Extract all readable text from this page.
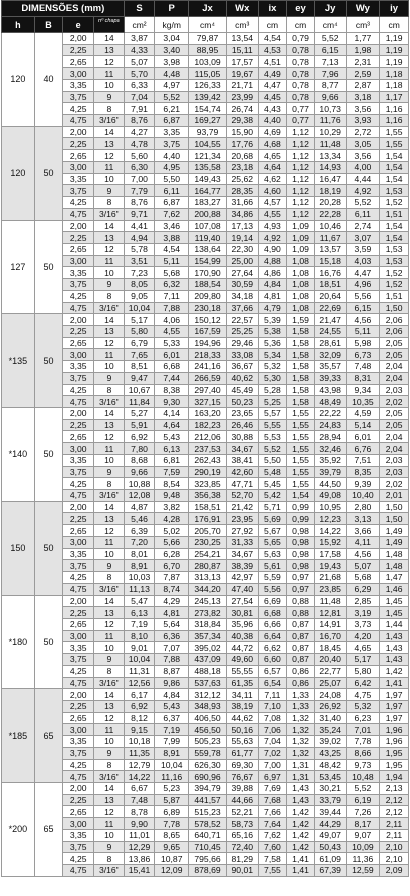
DIMENSÕES (mm)				S	P	Jx	Wx	ix	ey	Jy	Wy	iy
h	B	e	nº chapa									
				cm²	kg/m	cm⁴	cm³	cm	cm	cm⁴	cm³	cm
120	40	2,00	14	3,87	3,04	79,87	13,54	4,54	0,79	5,52	1,77	1,19
		2,25	13	4,33	3,40	88,95	15,11	4,53	0,78	6,15	1,98	1,19
		2,65	12	5,07	3,98	103,09	17,57	4,51	0,78	7,13	2,31	1,19
		3,00	11	5,70	4,48	115,05	19,67	4,49	0,78	7,96	2,59	1,18
		3,35	10	6,33	4,97	126,33	21,71	4,47	0,78	8,77	2,87	1,18
		3,75	9	7,04	5,52	139,42	23,99	4,45	0,78	9,66	3,18	1,17
		4,25	8	7,91	6,21	154,74	26,74	4,43	0,77	10,73	3,56	1,16
		4,75	3/16"	8,76	6,87	169,27	29,38	4,40	0,77	11,76	3,93	1,16
120	50	2,00	14	4,27	3,35	93,79	15,90	4,69	1,12	10,29	2,72	1,55
		2,25	13	4,78	3,75	104,55	17,76	4,68	1,12	11,48	3,05	1,55
		2,65	12	5,60	4,40	121,34	20,68	4,65	1,12	13,34	3,56	1,54
		3,00	11	6,30	4,95	135,58	23,18	4,64	1,12	14,93	4,00	1,54
		3,35	10	7,00	5,50	149,43	25,62	4,62	1,12	16,47	4,44	1,54
		3,75	9	7,79	6,11	164,77	28,35	4,60	1,12	18,19	4,92	1,53
		4,25	8	8,76	6,87	183,27	31,66	4,57	1,12	20,28	5,52	1,52
		4,75	3/16"	9,71	7,62	200,88	34,86	4,55	1,12	22,28	6,11	1,51
127	50	2,00	14	4,41	3,46	107,08	17,13	4,93	1,09	10,46	2,74	1,54
		2,25	13	4,94	3,88	119,40	19,14	4,92	1,09	11,67	3,07	1,54
		2,65	12	5,78	4,54	138,64	22,30	4,90	1,09	13,57	3,59	1,53
		3,00	11	3,51	5,11	154,99	25,00	4,88	1,08	15,18	4,03	1,53
		3,35	10	7,23	5,68	170,90	27,64	4,86	1,08	16,76	4,47	1,52
		3,75	9	8,05	6,32	188,54	30,59	4,84	1,08	18,51	4,96	1,52
		4,25	8	9,05	7,11	209,80	34,18	4,81	1,08	20,64	5,56	1,51
		4,75	3/16"	10,04	7,88	230,18	37,66	4,79	1,08	22,69	6,15	1,50
*135	50	2,00	14	5,17	4,06	150,12	22,57	5,39	1,59	21,47	4,56	2,06
		2,25	13	5,80	4,55	167,59	25,25	5,38	1,58	24,55	5,11	2,06
		2,65	12	6,79	5,33	194,96	29,46	5,36	1,58	28,61	5,98	2,05
		3,00	11	7,65	6,01	218,33	33,08	5,34	1,58	32,09	6,73	2,05
		3,35	10	8,51	6,68	241,16	36,67	5,32	1,58	35,57	7,48	2,04
		3,75	9	9,47	7,44	266,59	40,62	5,30	1,58	39,33	8,31	2,04
		4,25	8	10,67	8,38	297,40	45,49	5,28	1,58	43,98	9,34	2,03
		4,75	3/16"	11,84	9,30	327,15	50,23	5,25	1,58	48,49	10,35	2,02
*140	50	2,00	14	5,27	4,14	163,20	23,65	5,57	1,55	22,22	4,59	2,05
		2,25	13	5,91	4,64	182,23	26,46	5,55	1,55	24,83	5,14	2,05
		2,65	12	6,92	5,43	212,06	30,88	5,53	1,55	28,94	6,01	2,04
		3,00	11	7,80	6,13	237,53	34,67	5,52	1,55	32,46	6,76	2,04
		3,35	10	8,68	6,81	262,43	38,41	5,50	1,55	35,92	7,51	2,03
		3,75	9	9,66	7,59	290,19	42,60	5,48	1,55	39,79	8,35	2,03
		4,25	8	10,88	8,54	323,85	47,71	5,45	1,55	44,50	9,39	2,02
		4,75	3/16"	12,08	9,48	356,38	52,70	5,42	1,54	49,08	10,40	2,01
150	50	2,00	14	4,87	3,82	158,51	21,42	5,71	0,99	10,95	2,80	1,50
		2,25	13	5,46	4,28	176,91	23,95	5,69	0,99	12,23	3,13	1,50
		2,65	12	6,39	5,02	205,70	27,92	5,67	0,98	14,22	3,66	1,49
		3,00	11	7,20	5,66	230,25	31,33	5,65	0,98	15,92	4,11	1,49
		3,35	10	8,01	6,28	254,21	34,67	5,63	0,98	17,58	4,56	1,48
		3,75	9	8,91	6,70	280,87	38,39	5,61	0,98	19,43	5,07	1,48
		4,25	8	10,03	7,87	313,13	42,97	5,59	0,97	21,68	5,68	1,47
		4,75	3/16"	11,13	8,74	344,20	47,40	5,56	0,97	23,85	6,29	1,46
*180	50	2,00	14	5,47	4,29	245,13	27,54	6,69	0,88	11,48	2,85	1,45
		2,25	13	6,13	4,81	273,82	30,81	6,68	0,88	12,81	3,19	1,45
		2,65	12	7,19	5,64	318,84	35,96	6,66	0,87	14,91	3,73	1,44
		3,00	11	8,10	6,36	357,34	40,38	6,64	0,87	16,70	4,20	1,43
		3,35	10	9,01	7,07	395,02	44,72	6,62	0,87	18,45	4,65	1,43
		3,75	9	10,04	7,88	437,09	49,60	6,60	0,87	20,40	5,17	1,43
		4,25	8	11,31	8,87	488,18	55,55	6,57	0,86	22,77	5,80	1,42
		4,75	3/16"	12,56	9,86	537,63	61,35	6,54	0,86	25,07	6,42	1,41
*185	65	2,00	14	6,17	4,84	312,12	34,11	7,11	1,33	24,08	4,75	1,97
		2,25	13	6,92	5,43	348,93	38,19	7,10	1,33	26,92	5,32	1,97
		2,65	12	8,12	6,37	406,50	44,62	7,08	1,32	31,40	6,23	1,97
		3,00	11	9,15	7,19	456,50	50,16	7,06	1,32	35,24	7,01	1,96
		3,35	10	10,18	7,99	505,23	55,63	7,04	1,32	39,02	7,78	1,96
		3,75	9	11,35	8,91	559,78	61,77	7,02	1,32	43,25	8,66	1,95
		4,25	8	12,79	10,04	626,30	69,30	7,00	1,31	48,42	9,73	1,95
		4,75	3/16"	14,22	11,16	690,96	76,67	6,97	1,31	53,45	10,48	1,94
*200	65	2,00	14	6,67	5,23	394,79	39,88	7,69	1,43	30,21	5,52	2,13
		2,25	13	7,48	5,87	441,57	44,66	7,68	1,43	33,79	6,19	2,12
		2,65	12	8,78	6,89	515,23	52,21	7,66	1,42	39,44	7,26	2,12
		3,00	11	9,90	7,78	578,52	58,73	7,64	1,42	44,29	8,17	2,11
		3,35	10	11,01	8,65	640,71	65,16	7,62	1,42	49,07	9,07	2,11
		3,75	9	12,29	9,65	710,45	72,40	7,60	1,42	50,43	10,09	2,10
		4,25	8	13,86	10,87	795,66	81,29	7,58	1,41	61,09	11,36	2,10
		4,75	3/16"	15,41	12,09	878,69	90,01	7,55	1,41	67,39	12,59	2,09
